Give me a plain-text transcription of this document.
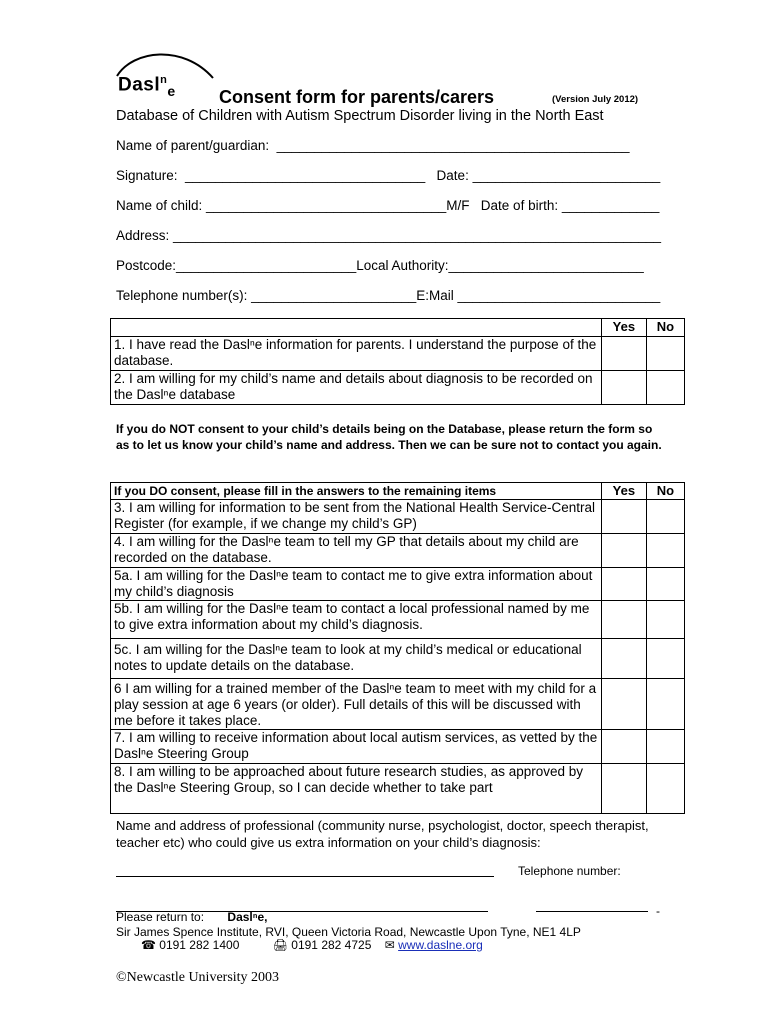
Dasl$^n_e$ Consent form for parents/carers	(Version July 2012)
Database of Children with Autism Spectrum Disorder living in the North East
Name of parent/guardian:  _______________________________________________
Signature:  ________________________________   Date: _________________________
Name of child: ________________________________M/F   Date of birth: _____________
Address: _________________________________________________________________
Postcode:________________________Local Authority:__________________________
Telephone number(s): ______________________E:Mail ___________________________
	Yes	No
1. I have read the Daslⁿe information for parents. I understand the purpose of the database.		
2. I am willing for my child’s name and details about diagnosis to be recorded on the Daslⁿe database		
If you do NOT consent to your child’s details being on the Database, please return the form so as to let us know your child’s name and address. Then we can be sure not to contact you again.
If you DO consent, please fill in the answers to the remaining items	Yes	No
3. I am willing for information to be sent from the National Health Service-Central Register (for example, if we change my child’s GP)		
4. I am willing for the Daslⁿe team to tell my GP that details about my child are recorded on the database.		
5a. I am willing for the Daslⁿe team to contact me to give extra information about my child’s diagnosis		
5b. I am willing for the Daslⁿe team to contact a local professional named by me to give extra information about my child’s diagnosis.		
5c. I am willing for the Daslⁿe team to look at my child’s medical or educational notes to update details on the database.		
6 I am willing for a trained member of the Daslⁿe team to meet with my child for a play session at age 6 years (or older). Full details of this will be discussed with me before it takes place.		
7. I am willing to receive information about local autism services, as vetted by the Daslⁿe Steering Group		
8. I am willing to be approached about future research studies, as approved by the Daslⁿe Steering Group, so I can decide whether to take part		
Name and address of professional (community nurse, psychologist, doctor, speech therapist, teacher etc) who could give us extra information on your child’s diagnosis:
Telephone number:
-
Please return to: Daslⁿe,
Sir James Spence Institute, RVI, Queen Victoria Road, Newcastle Upon Tyne, NE1 4LP
☎ 0191 282 1400	🖨 0191 282 4725 ✉ www.daslne.org
©Newcastle University 2003
